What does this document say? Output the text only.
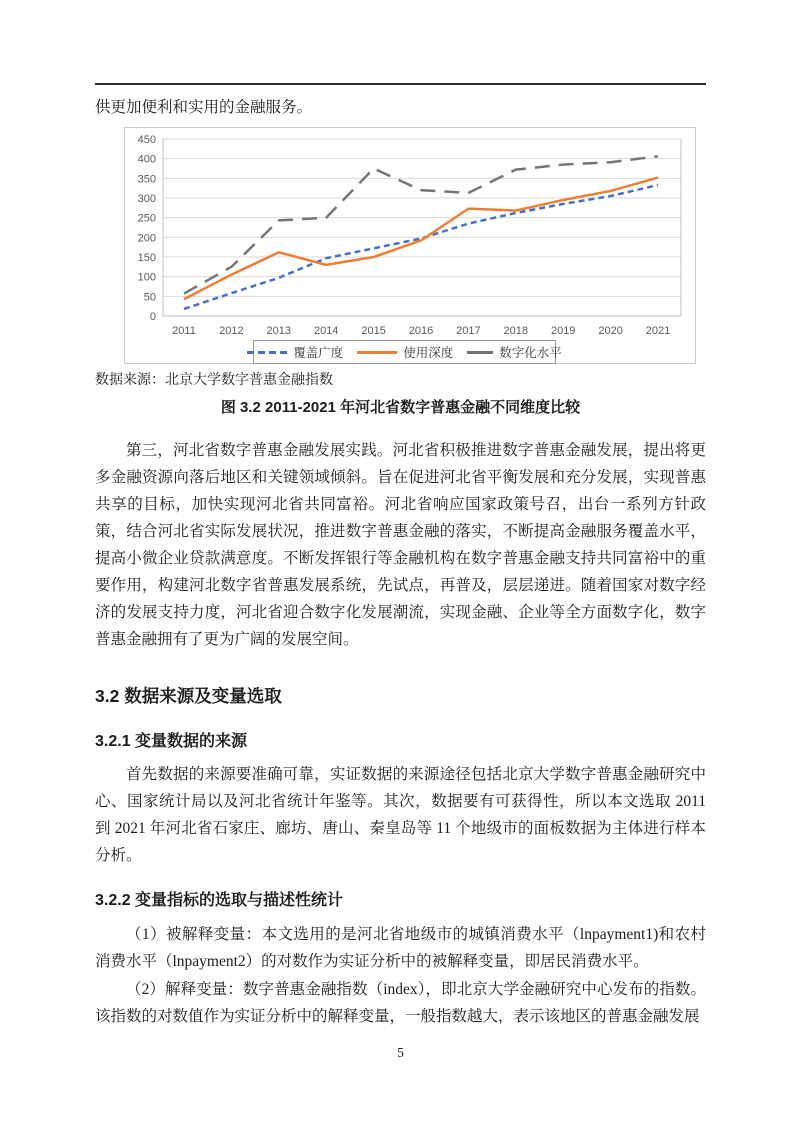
供更加便利和实用的金融服务。
0
50
100
150
200
250
300
350
400
450
2011 2012 2013 2014 2015 2016 2017 2018 2019 2020 2021
覆盖广度	使用深度	数字化水平
数据来源：北京大学数字普惠金融指数
图 3.2 2011-2021 年河北省数字普惠金融不同维度比较

第三，河北省数字普惠金融发展实践。河北省积极推进数字普惠金融发展，提出将更多金融资源向落后地区和关键领域倾斜。旨在促进河北省平衡发展和充分发展，实现普惠共享的目标，加快实现河北省共同富裕。河北省响应国家政策号召，出台一系列方针政策，结合河北省实际发展状况，推进数字普惠金融的落实，不断提高金融服务覆盖水平，提高小微企业贷款满意度。不断发挥银行等金融机构在数字普惠金融支持共同富裕中的重要作用，构建河北数字省普惠发展系统，先试点，再普及，层层递进。随着国家对数字经济的发展支持力度，河北省迎合数字化发展潮流，实现金融、企业等全方面数字化，数字普惠金融拥有了更为广阔的发展空间。

3.2 数据来源及变量选取
3.2.1 变量数据的来源

首先数据的来源要准确可靠，实证数据的来源途径包括北京大学数字普惠金融研究中心、国家统计局以及河北省统计年鉴等。其次，数据要有可获得性，所以本文选取 2011 到 2021 年河北省石家庄、廊坊、唐山、秦皇岛等 11 个地级市的面板数据为主体进行样本分析。

3.2.2 变量指标的选取与描述性统计

（1）被解释变量：本文选用的是河北省地级市的城镇消费水平（lnpayment1)和农村消费水平（lnpayment2）的对数作为实证分析中的被解释变量，即居民消费水平。

（2）解释变量：数字普惠金融指数（index），即北京大学金融研究中心发布的指数。该指数的对数值作为实证分析中的解释变量，一般指数越大，表示该地区的普惠金融发展

5
